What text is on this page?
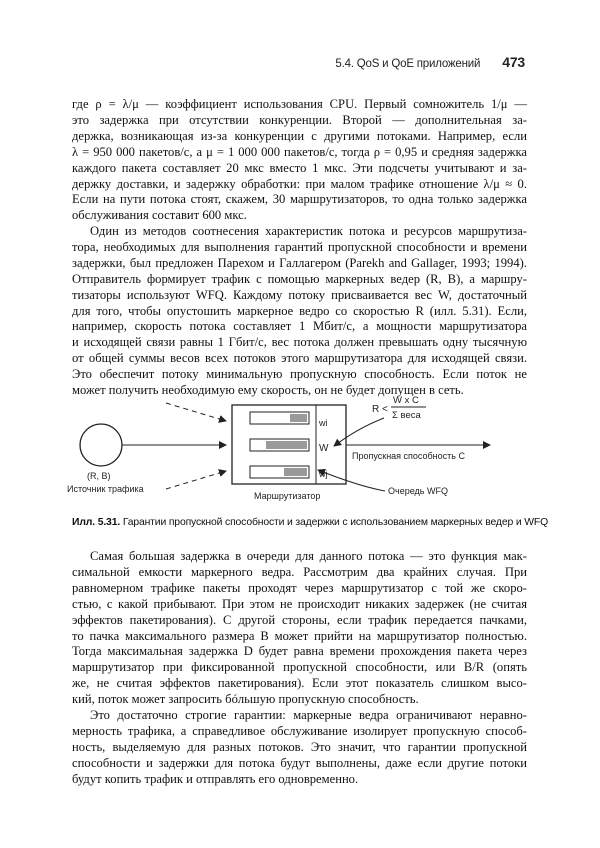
5.4. QoS и QoE приложений 473
где ρ = λ/μ — коэффициент использования CPU. Первый сомножитель 1/μ —
это задержка при отсутствии конкуренции. Второй — дополнительная за-
держка, возникающая из-за конкуренции с другими потоками. Например, если
λ = 950 000 пакетов/с, а μ = 1 000 000 пакетов/с, тогда ρ = 0,95 и средняя задержка
каждого пакета составляет 20 мкс вместо 1 мкс. Эти подсчеты учитывают и за-
держку доставки, и задержку обработки: при малом трафике отношение λ/μ ≈ 0.
Если на пути потока стоят, скажем, 30 маршрутизаторов, то одна только задержка
обслуживания составит 600 мкс.
Один из методов соотнесения характеристик потока и ресурсов маршрутиза-
тора, необходимых для выполнения гарантий пропускной способности и времени
задержки, был предложен Парехом и Галлагером (Parekh and Gallager, 1993; 1994).
Отправитель формирует трафик с помощью маркерных ведер (R, B), а маршру-
тизаторы используют WFQ. Каждому потоку присваивается вес W, достаточный
для того, чтобы опустошить маркерное ведро со скоростью R (илл. 5.31). Если,
например, скорость потока составляет 1 Мбит/с, а мощности маршрутизатора
и исходящей связи равны 1 Гбит/с, вес потока должен превышать одну тысячную
от общей суммы весов всех потоков этого маршрутизатора для исходящей связи.
Это обеспечит потоку минимальную пропускную способность. Если поток не
может получить необходимую ему скорость, он не будет допущен в сеть.
wi
W
wj
R <
W x C
Σ веса
Пропускная способность C
Очередь WFQ
(R, B)
Источник трафика
Маршрутизатор
Илл. 5.31. Гарантии пропускной способности и задержки с использованием маркерных ведер и WFQ
Самая большая задержка в очереди для данного потока — это функция мак-
симальной емкости маркерного ведра. Рассмотрим два крайних случая. При
равномерном трафике пакеты проходят через маршрутизатор с той же скоро-
стью, с какой прибывают. При этом не происходит никаких задержек (не считая
эффектов пакетирования). С другой стороны, если трафик передается пачками,
то пачка максимального размера B может прийти на маршрутизатор полностью.
Тогда максимальная задержка D будет равна времени прохождения пакета через
маршрутизатор при фиксированной пропускной способности, или B/R (опять
же, не считая эффектов пакетирования). Если этот показатель слишком высо-
кий, поток может запросить бóльшую пропускную способность.
Это достаточно строгие гарантии: маркерные ведра ограничивают неравно-
мерность трафика, а справедливое обслуживание изолирует пропускную способ-
ность, выделяемую для разных потоков. Это значит, что гарантии пропускной
способности и задержки для потока будут выполнены, даже если другие потоки
будут копить трафик и отправлять его одновременно.
